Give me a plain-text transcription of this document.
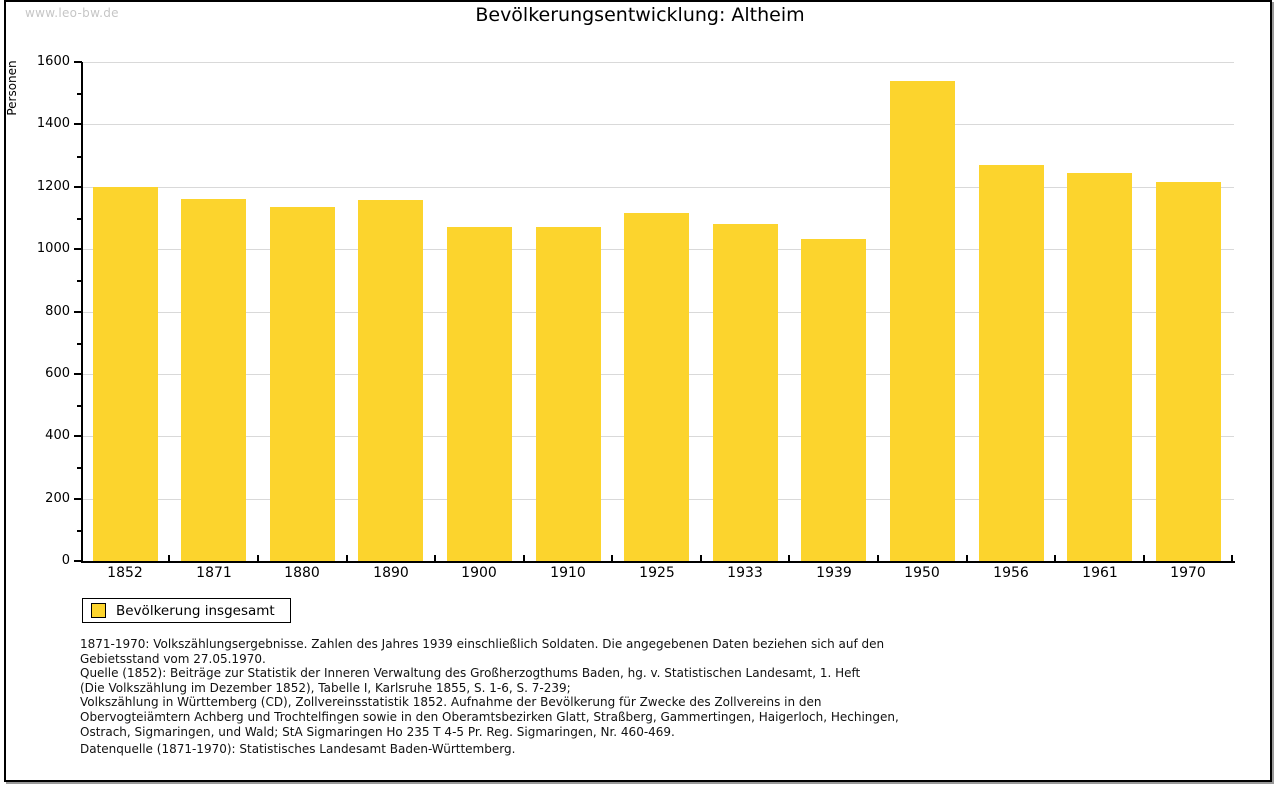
www.leo-bw.de	Bevölkerungsentwicklung: Altheim
Personen
1852	1871	1880	1890	1900	1910	1925	1933	1939	1950	1956	1961	1970
0
200
400
600
800
1000
1200
1400
1600
Bevölkerung insgesamt
1871-1970: Volkszählungsergebnisse. Zahlen des Jahres 1939 einschließlich Soldaten. Die angegebenen Daten beziehen sich auf den
Gebietsstand vom 27.05.1970.
Quelle (1852): Beiträge zur Statistik der Inneren Verwaltung des Großherzogthums Baden, hg. v. Statistischen Landesamt, 1. Heft
(Die Volkszählung im Dezember 1852), Tabelle I, Karlsruhe 1855, S. 1-6, S. 7-239;
Volkszählung in Württemberg (CD), Zollvereinsstatistik 1852. Aufnahme der Bevölkerung für Zwecke des Zollvereins in den
Obervogteiämtern Achberg und Trochtelfingen sowie in den Oberamtsbezirken Glatt, Straßberg, Gammertingen, Haigerloch, Hechingen,
Ostrach, Sigmaringen, und Wald; StA Sigmaringen Ho 235 T 4-5 Pr. Reg. Sigmaringen, Nr. 460-469.
Datenquelle (1871-1970): Statistisches Landesamt Baden-Württemberg.
